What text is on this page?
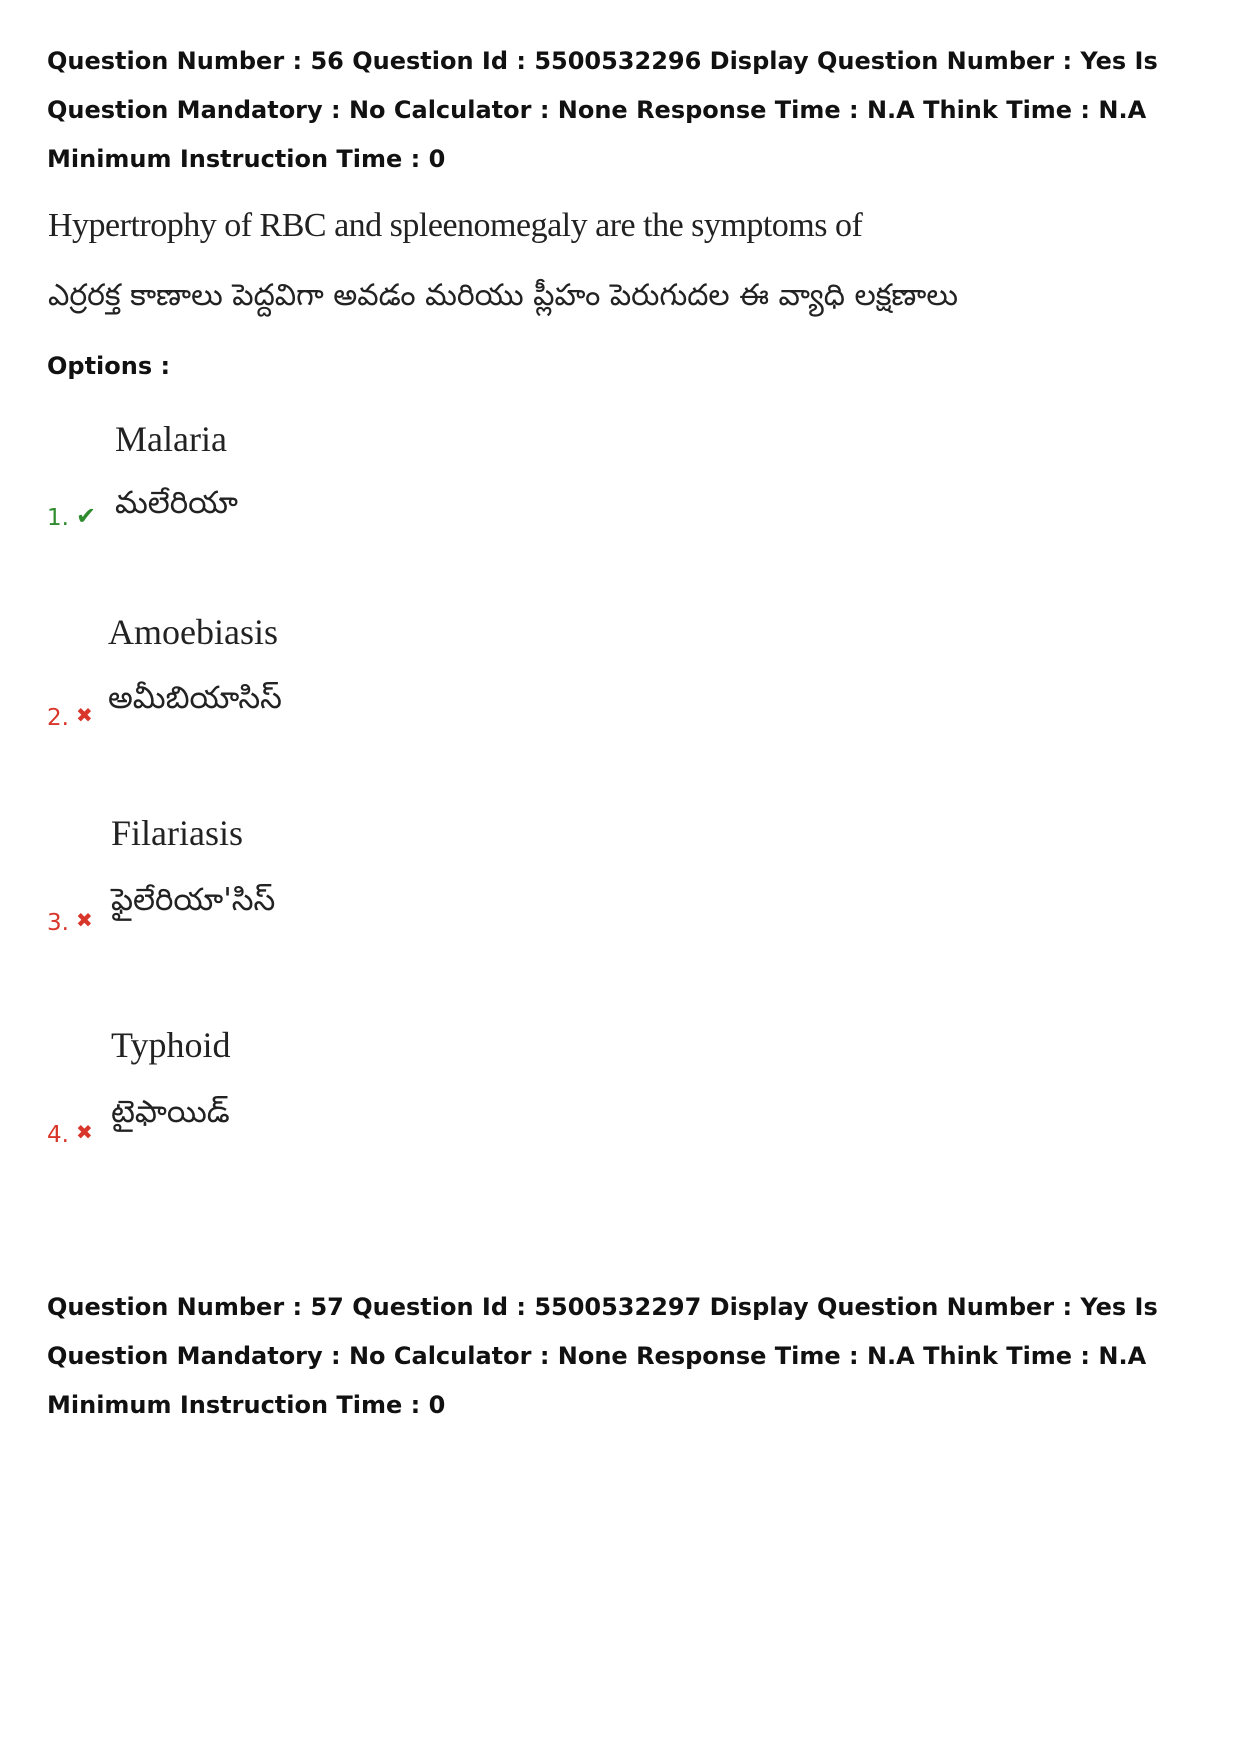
Question Number : 56 Question Id : 5500532296 Display Question Number : Yes Is Question Mandatory : No Calculator : None Response Time : N.A Think Time : N.A Minimum Instruction Time : 0
Hypertrophy of RBC and spleenomegaly are the symptoms of
ఎర్రరక్త కాణాలు పెద్దవిగా అవడం మరియు ప్లీహం పెరుగుదల ఈ వ్యాధి లక్షణాలు
Options :
Malaria
మలేరియా
1. ✔
Amoebiasis
అమీబియాసిస్
2. ✖
Filariasis
ఫైలేరియా'సిస్
3. ✖
Typhoid
టైఫాయిడ్
4. ✖
Question Number : 57 Question Id : 5500532297 Display Question Number : Yes Is Question Mandatory : No Calculator : None Response Time : N.A Think Time : N.A Minimum Instruction Time : 0
